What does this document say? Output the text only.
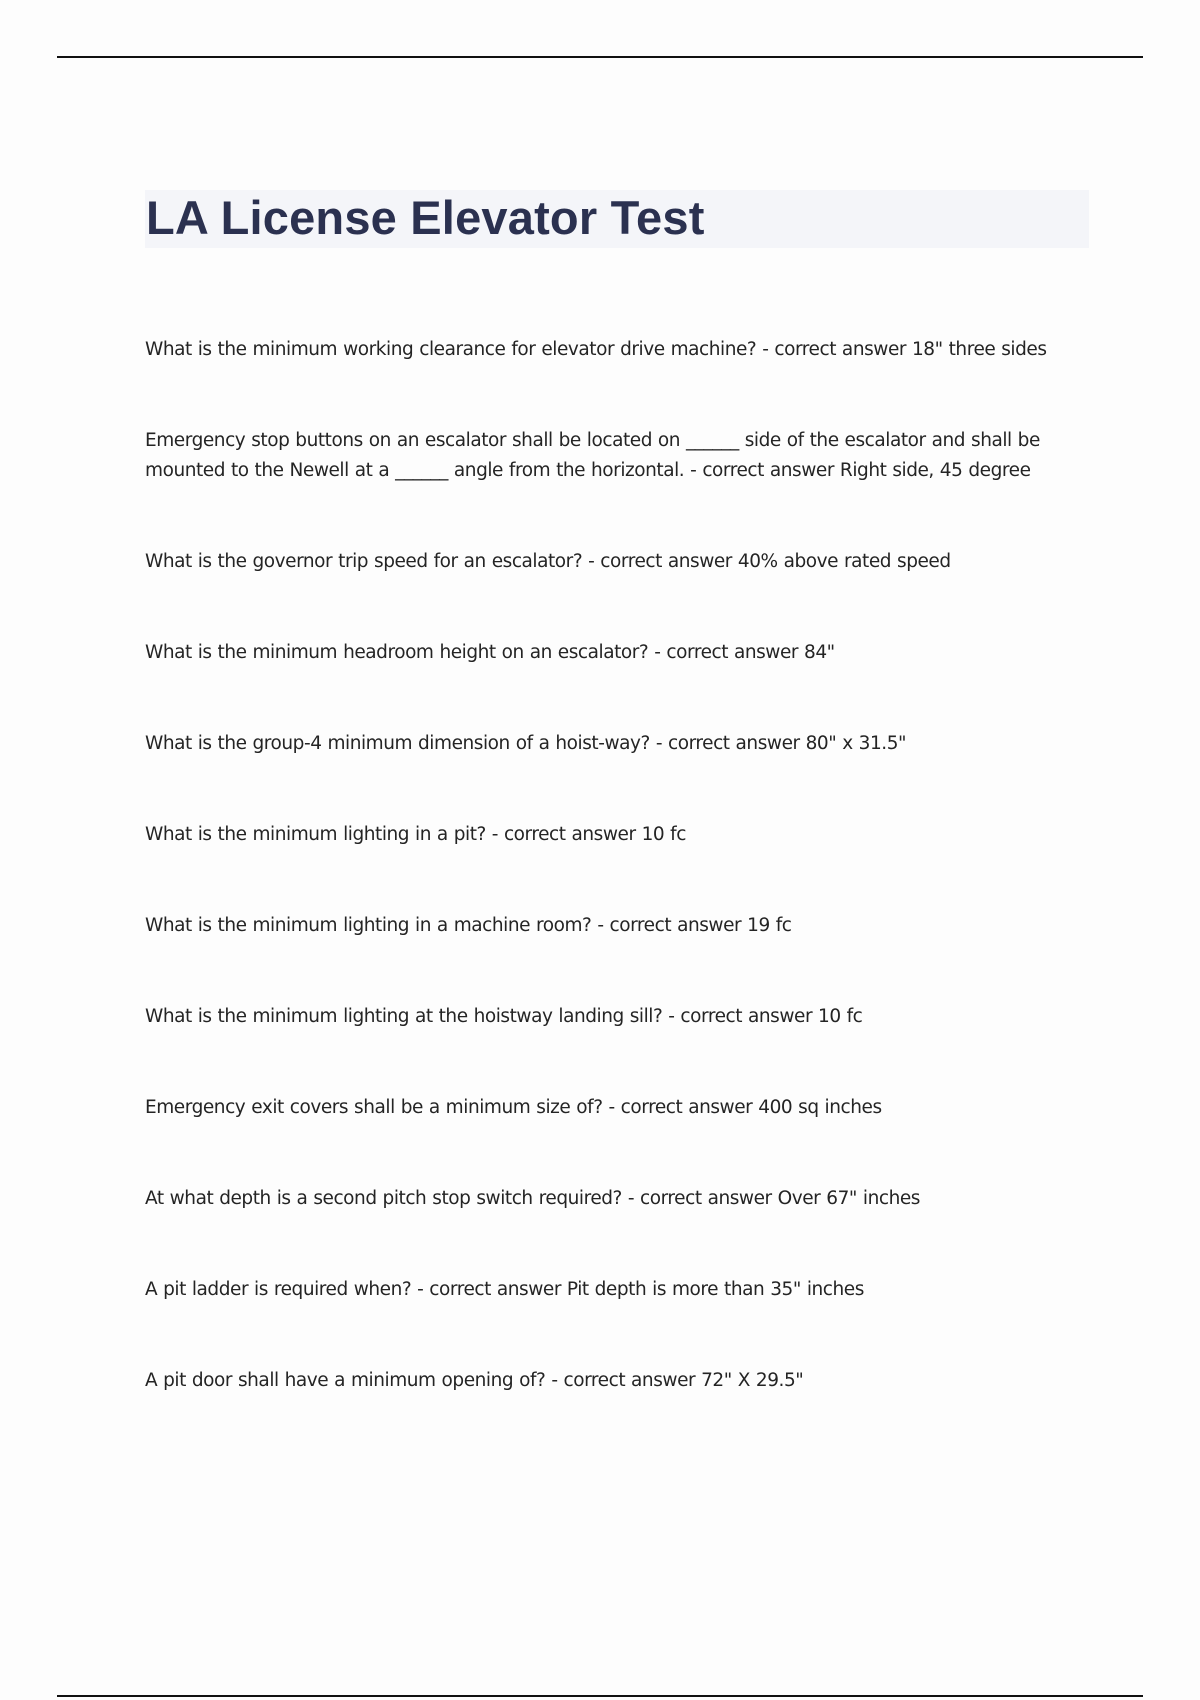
LA License Elevator Test
What is the minimum working clearance for elevator drive machine? - correct answer 18" three sides
Emergency stop buttons on an escalator shall be located on ______ side of the escalator and shall be mounted to the Newell at a ______ angle from the horizontal. - correct answer Right side, 45 degree
What is the governor trip speed for an escalator? - correct answer 40% above rated speed
What is the minimum headroom height on an escalator? - correct answer 84"
What is the group-4 minimum dimension of a hoist-way? - correct answer 80" x 31.5"
What is the minimum lighting in a pit? - correct answer 10 fc
What is the minimum lighting in a machine room? - correct answer 19 fc
What is the minimum lighting at the hoistway landing sill? - correct answer 10 fc
Emergency exit covers shall be a minimum size of? - correct answer 400 sq inches
At what depth is a second pitch stop switch required? - correct answer Over 67" inches
A pit ladder is required when? - correct answer Pit depth is more than 35" inches
A pit door shall have a minimum opening of? - correct answer 72" X 29.5"
